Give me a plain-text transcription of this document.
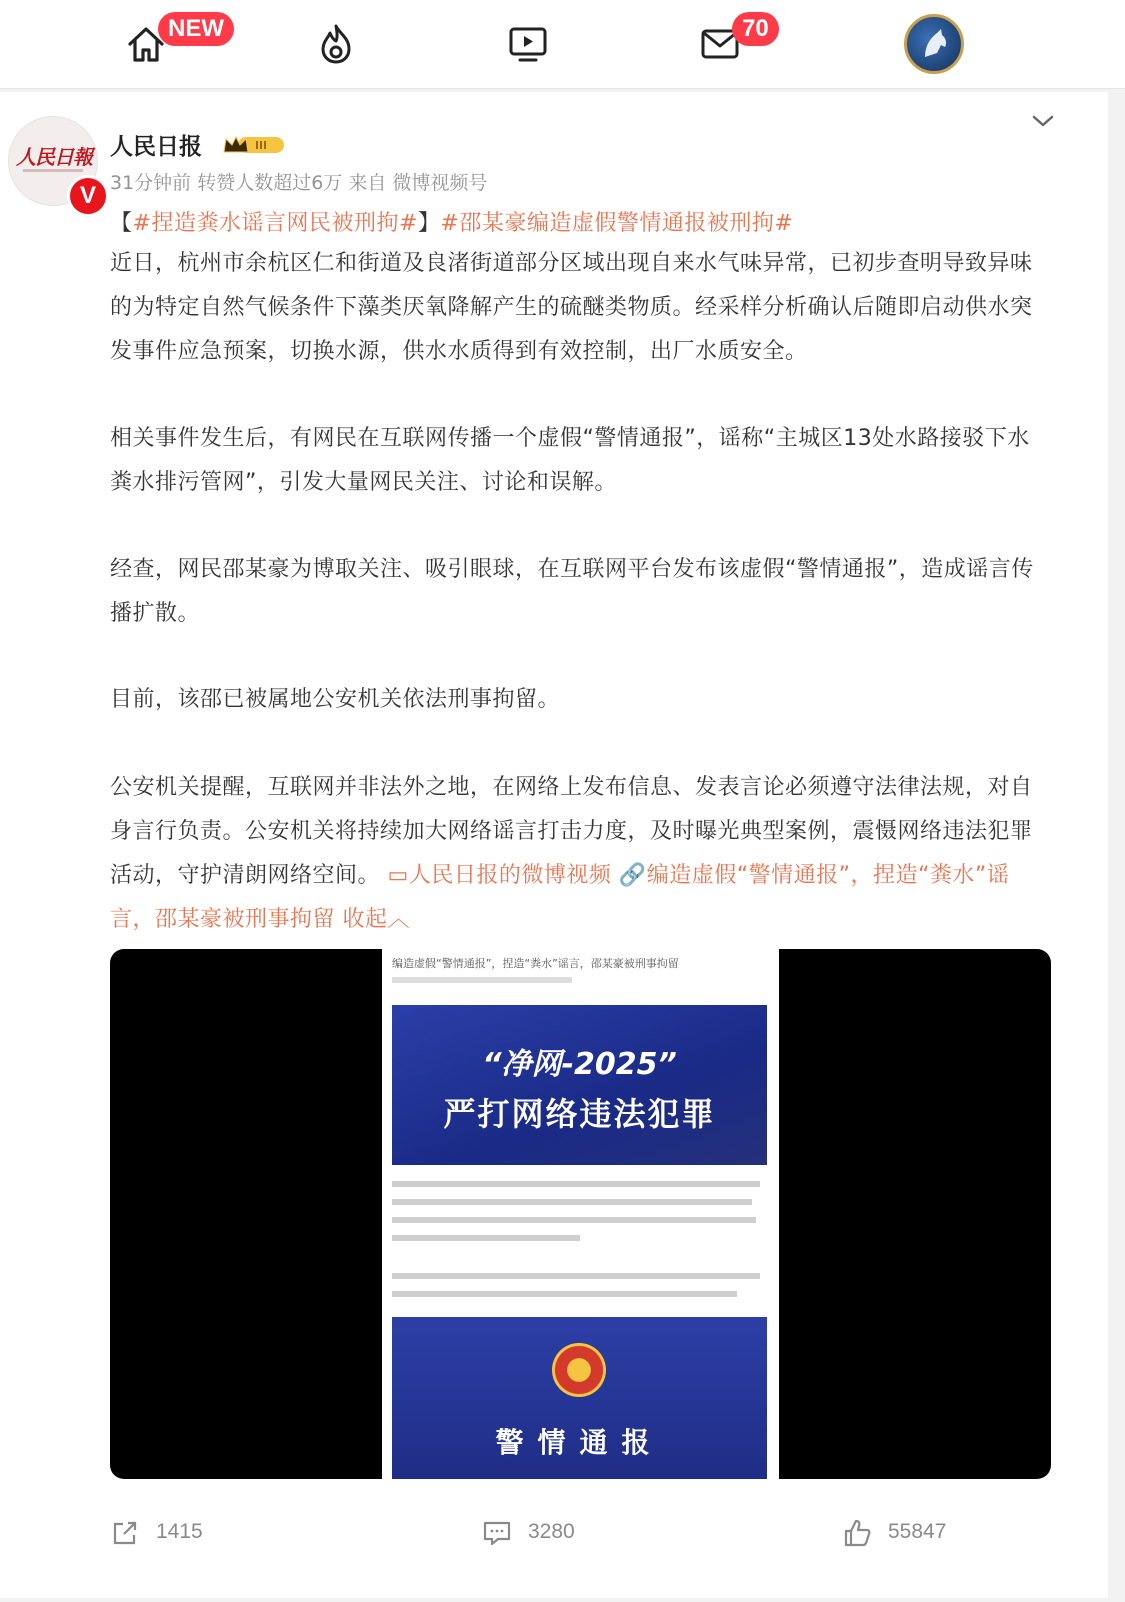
NEW	70
人民日報
V
人民日报
31分钟前 转赞人数超过6万 来自 微博视频号
【#捏造粪水谣言网民被刑拘#】#邵某豪编造虚假警情通报被刑拘#

近日，杭州市余杭区仁和街道及良渚街道部分区域出现自来水气味异常，已初步查明导致异味的为特定自然气候条件下藻类厌氧降解产生的硫醚类物质。经采样分析确认后随即启动供水突发事件应急预案，切换水源，供水水质得到有效控制，出厂水质安全。

相关事件发生后，有网民在互联网传播一个虚假“警情通报”，谣称“主城区13处水路接驳下水粪水排污管网”，引发大量网民关注、讨论和误解。

经查，网民邵某豪为博取关注、吸引眼球，在互联网平台发布该虚假“警情通报”，造成谣言传播扩散。

目前，该邵已被属地公安机关依法刑事拘留。

公安机关提醒，互联网并非法外之地，在网络上发布信息、发表言论必须遵守法律法规，对自身言行负责。公安机关将持续加大网络谣言打击力度，及时曝光典型案例，震慑网络违法犯罪活动，守护清朗网络空间。 ▭人民日报的微博视频 🔗编造虚假“警情通报”，捏造“粪水”谣言，邵某豪被刑事拘留 收起︿

编造虚假“警情通报”，捏造“粪水”谣言，邵某豪被刑事拘留
“净网-2025”
严打网络违法犯罪
警情通报
1415	3280	55847
